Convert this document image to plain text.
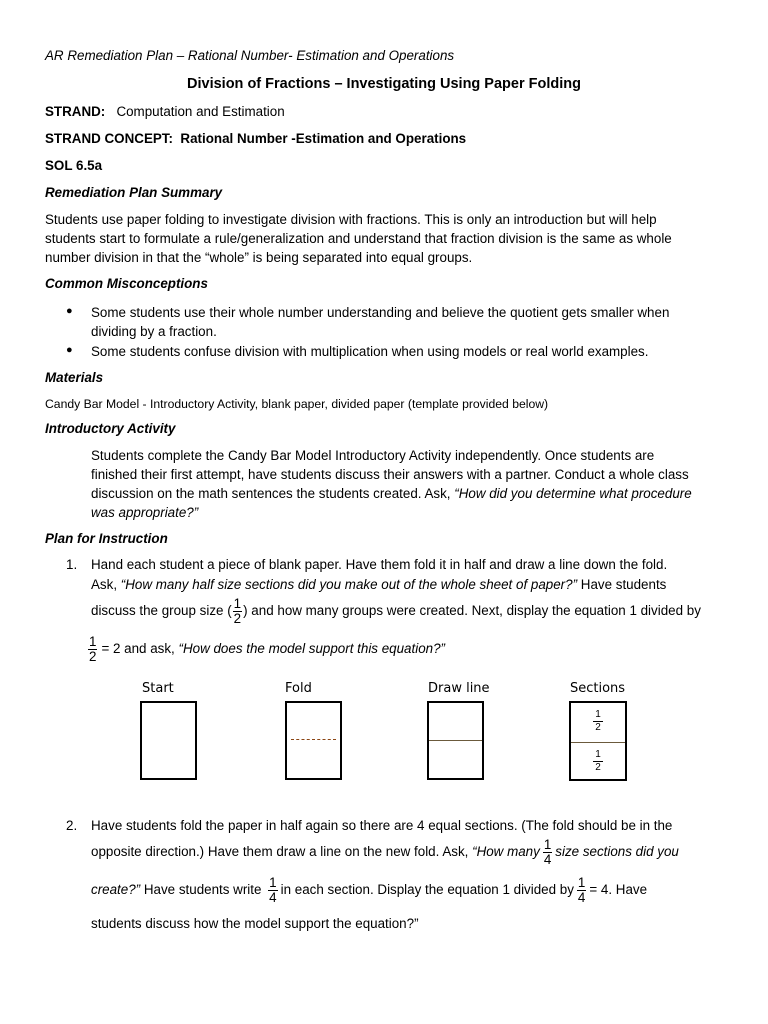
AR Remediation Plan – Rational Number- Estimation and Operations
Division of Fractions – Investigating Using Paper Folding
STRAND: Computation and Estimation
STRAND CONCEPT: Rational Number -Estimation and Operations
SOL 6.5a
Remediation Plan Summary
Students use paper folding to investigate division with fractions. This is only an introduction but will help
students start to formulate a rule/generalization and understand that fraction division is the same as whole
number division in that the “whole” is being separated into equal groups.
Common Misconceptions
● Some students use their whole number understanding and believe the quotient gets smaller when
dividing by a fraction.
● Some students confuse division with multiplication when using models or real world examples.
Materials
Candy Bar Model - Introductory Activity, blank paper, divided paper (template provided below)
Introductory Activity
Students complete the Candy Bar Model Introductory Activity independently. Once students are
finished their first attempt, have students discuss their answers with a partner. Conduct a whole class
discussion on the math sentences the students created. Ask, “How did you determine what procedure
was appropriate?”
Plan for Instruction
1. Hand each student a piece of blank paper. Have them fold it in half and draw a line down the fold.
Ask, “How many half size sections did you make out of the whole sheet of paper?” Have students
discuss the group size ( $\frac{1}{2}$ ) and how many groups were created. Next, display the equation 1 divided by
$\frac{1}{2} = 2$ and ask, “How does the model support this equation?”
Start	Fold	Draw line	Sections
$\frac{1}{2}$
$\frac{1}{2}$
2. Have students fold the paper in half again so there are 4 equal sections. (The fold should be in the
opposite direction.) Have them draw a line on the new fold. Ask, “How many $\frac{1}{4}$ size sections did you
create?” Have students write $\frac{1}{4}$ in each section. Display the equation 1 divided by $\frac{1}{4} = 4$. Have
students discuss how the model support the equation?”
